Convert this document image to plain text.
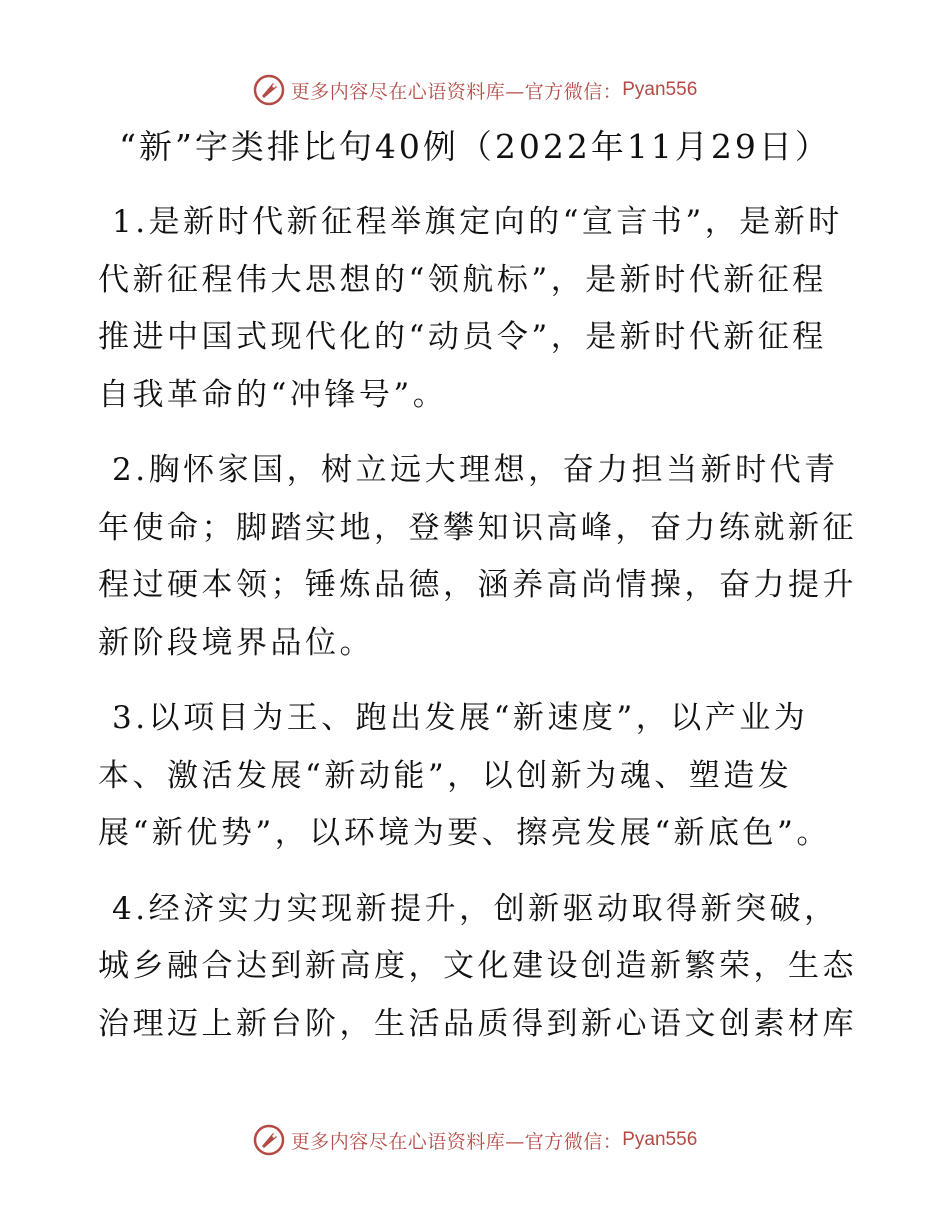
更多内容尽在心语资料库—官方微信： Pyan556
“新”字类排比句40例（2022年11月29日）

1.是新时代新征程举旗定向的“宣言书”，是新时代新征程伟大思想的“领航标”，是新时代新征程推进中国式现代化的“动员令”，是新时代新征程自我革命的“冲锋号”。

2.胸怀家国，树立远大理想，奋力担当新时代青年使命；脚踏实地，登攀知识高峰，奋力练就新征程过硬本领；锤炼品德，涵养高尚情操，奋力提升新阶段境界品位。

3.以项目为王、跑出发展“新速度”，以产业为本、激活发展“新动能”，以创新为魂、塑造发展“新优势”，以环境为要、擦亮发展“新底色”。

4.经济实力实现新提升，创新驱动取得新突破，城乡融合达到新高度，文化建设创造新繁荣，生态治理迈上新台阶，生活品质得到新心语文创素材库

更多内容尽在心语资料库—官方微信： Pyan556
